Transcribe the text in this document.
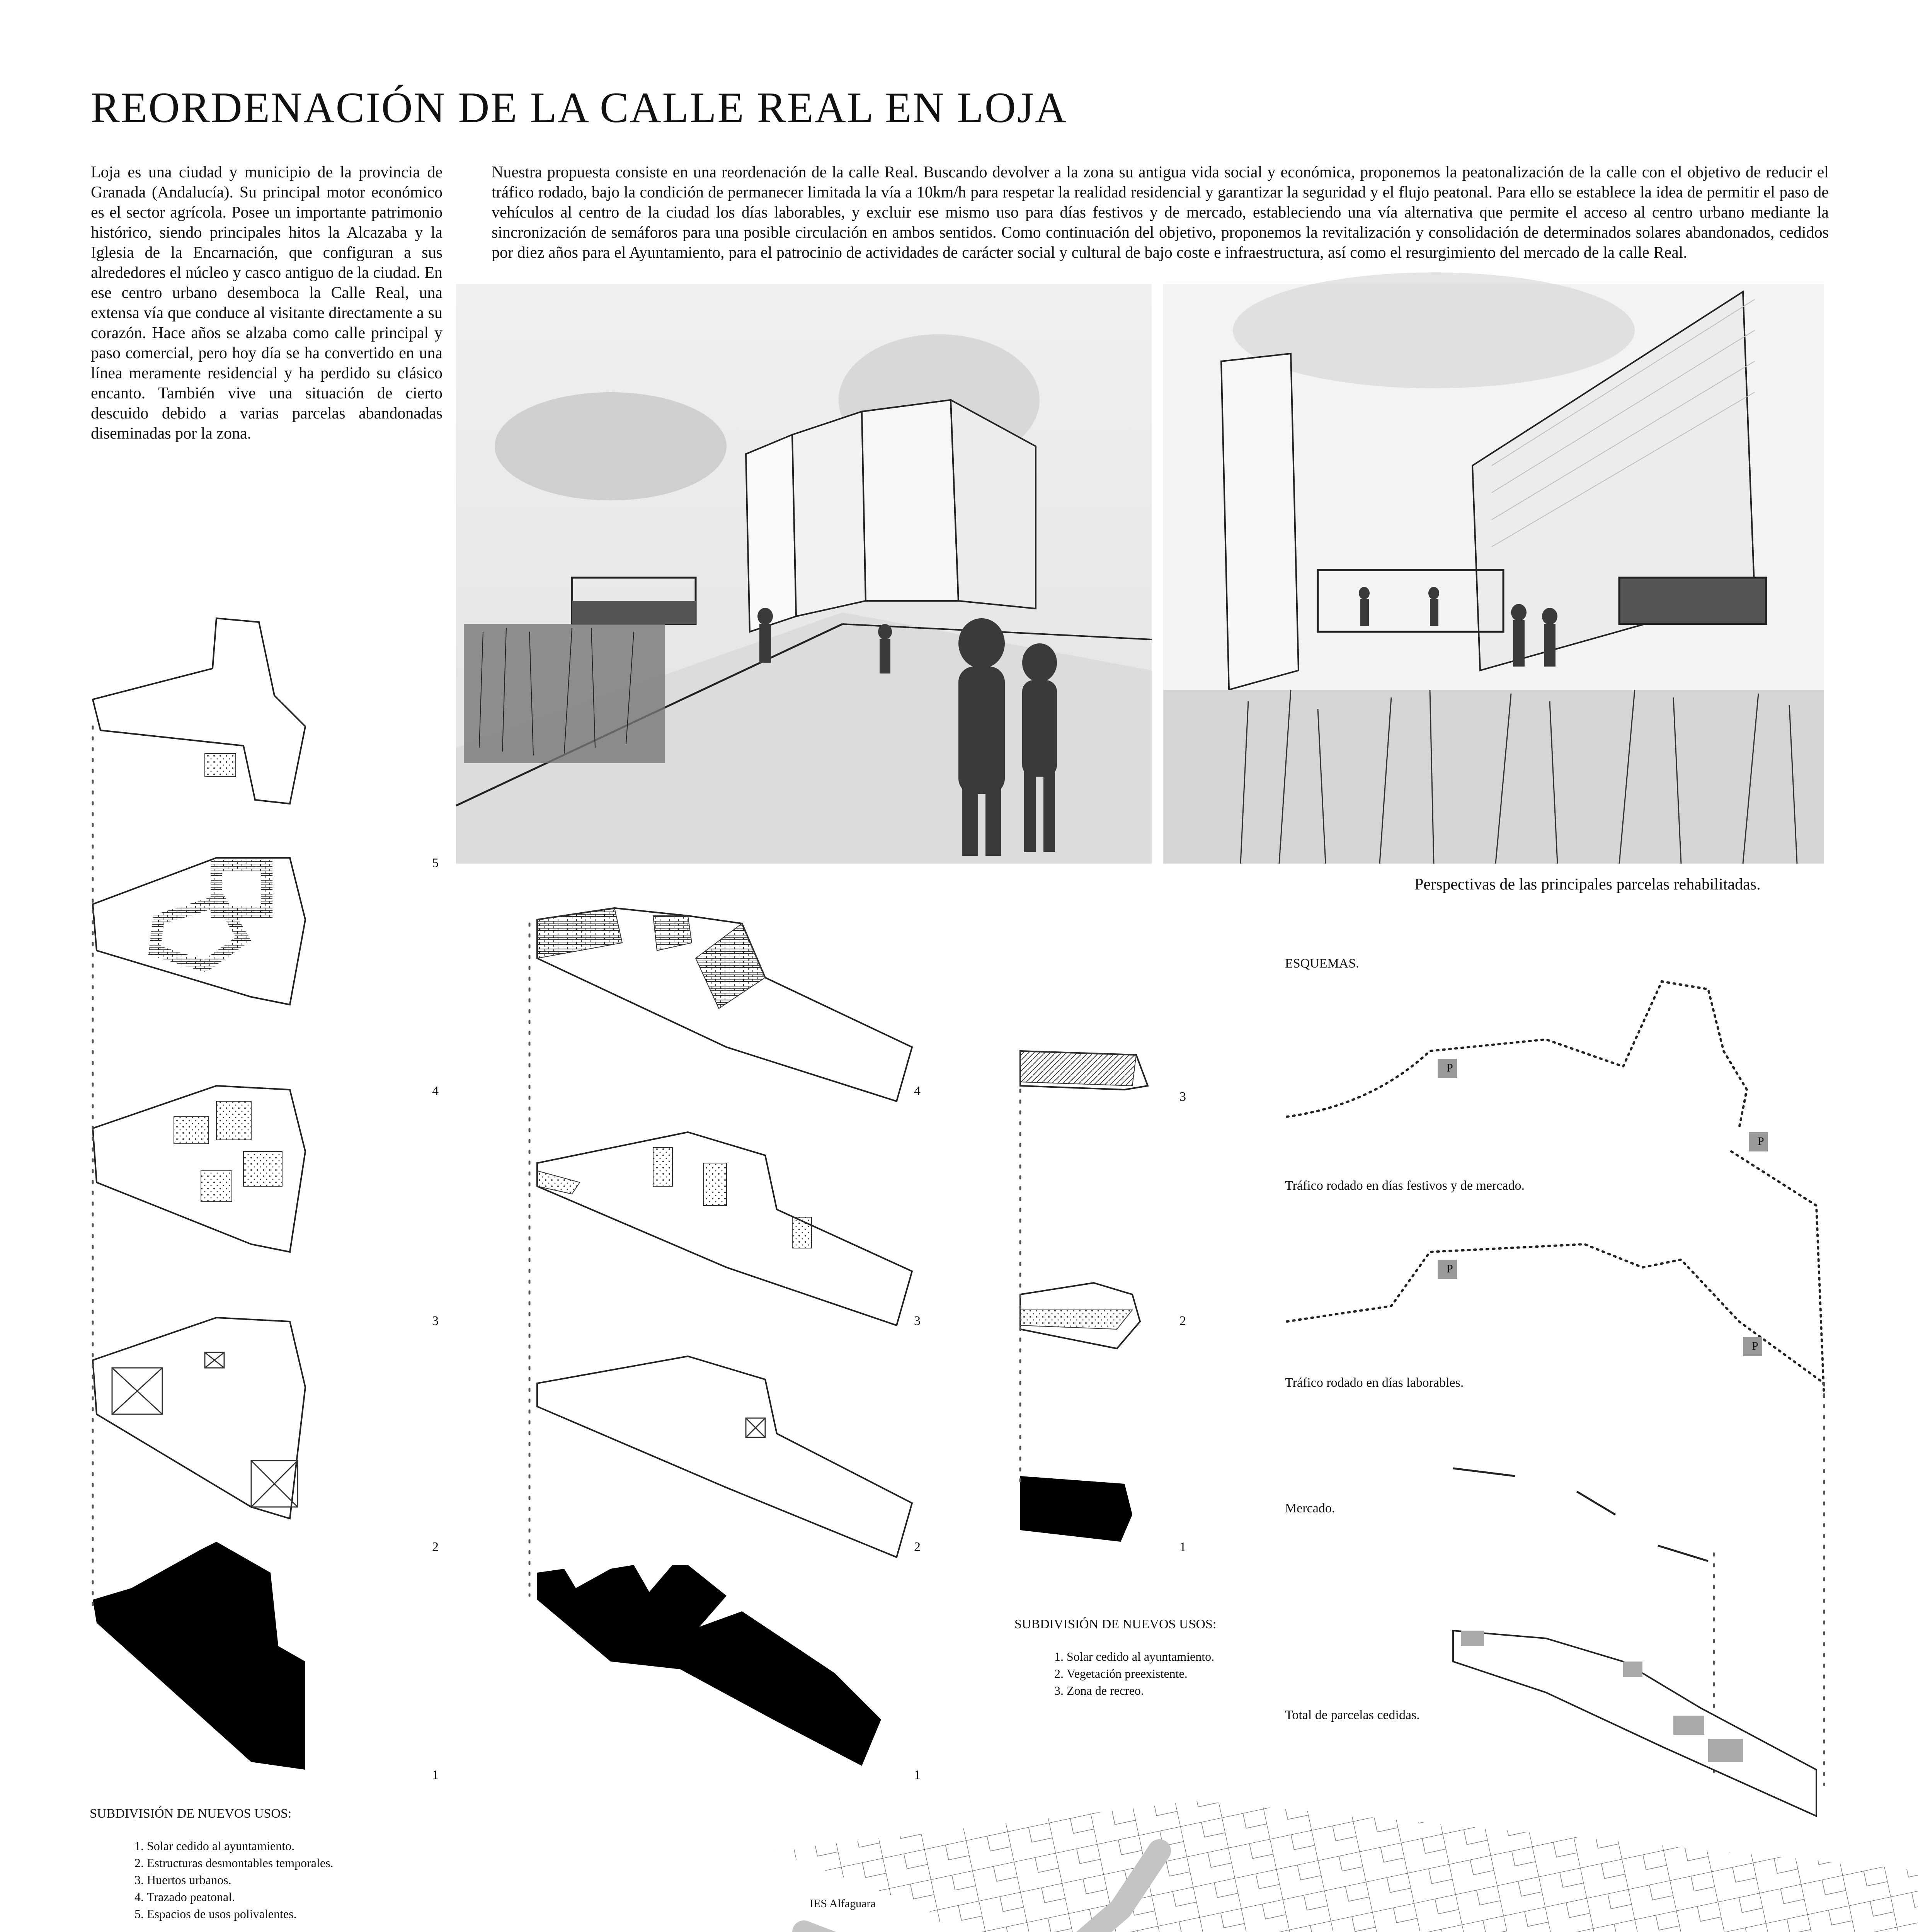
REORDENACIÓN DE LA CALLE REAL EN LOJA
Loja es una ciudad y municipio de la provincia de Granada (Andalucía). Su principal motor económico es el sector agrícola. Posee un importante patrimonio histórico, siendo principales hitos la Alcazaba y la Iglesia de la Encarnación, que configuran a sus alrededores el núcleo y casco antiguo de la ciudad. En ese centro urbano desemboca la Calle Real, una extensa vía que conduce al visitante directamente a su corazón. Hace años se alzaba como calle principal y paso comercial, pero hoy día se ha convertido en una línea meramente residencial y ha perdido su clásico encanto. También vive una situación de cierto descuido debido a varias parcelas abandonadas diseminadas por la zona.
Nuestra propuesta consiste en una reordenación de la calle Real. Buscando devolver a la zona su antigua vida social y económica, proponemos la peatonalización de la calle con el objetivo de reducir el tráfico rodado, bajo la condición de permanecer limitada la vía a 10km/h para respetar la realidad residencial y garantizar la seguridad y el flujo peatonal. Para ello se establece la idea de permitir el paso de vehículos al centro de la ciudad los días laborables, y excluir ese mismo uso para días festivos y de mercado, estableciendo una vía alternativa que permite el acceso al centro urbano mediante la sincronización de semáforos para una posible circulación en ambos sentidos. Como continuación del objetivo, proponemos la revitalización y consolidación de determinados solares abandonados, cedidos por diez años para el Ayuntamiento, para el patrocinio de actividades de carácter social y cultural de bajo coste e infraestructura, así como el resurgimiento del mercado de la calle Real.
Perspectivas de las principales parcelas rehabilitadas.
5
4
3
2
1
4
3
2
1
3
2
1
SUBDIVISIÓN DE NUEVOS USOS:
1. Solar cedido al ayuntamiento.
2. Vegetación preexistente.
3. Zona de recreo.
ESQUEMAS.
P
P
P
P
Tráfico rodado en días festivos y de mercado.
Tráfico rodado en días laborables.
Mercado.
Total de parcelas cedidas.
SUBDIVISIÓN DE NUEVOS USOS:
1. Solar cedido al ayuntamiento.
2. Estructuras desmontables temporales.
3. Huertos urbanos.
4. Trazado peatonal.
5. Espacios de usos polivalentes.
IES Alfaguara
